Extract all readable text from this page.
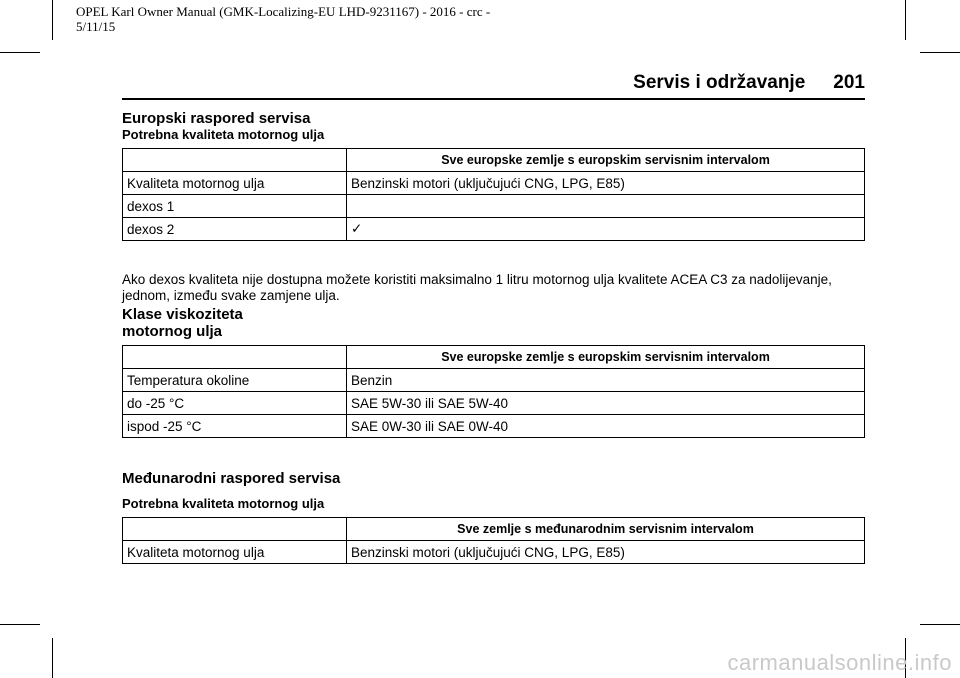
OPEL Karl Owner Manual (GMK-Localizing-EU LHD-9231167) - 2016 - crc -
5/11/15
Servis i održavanje 201
Europski raspored servisa
Potrebna kvaliteta motornog ulja
	Sve europske zemlje s europskim servisnim intervalom
Kvaliteta motornog ulja	Benzinski motori (uključujući CNG, LPG, E85)
dexos 1	
dexos 2	✓
Ako dexos kvaliteta nije dostupna možete koristiti maksimalno 1 litru motornog ulja kvalitete ACEA C3 za nadolijevanje, jednom, između svake zamjene ulja.
Klase viskoziteta
motornog ulja
	Sve europske zemlje s europskim servisnim intervalom
Temperatura okoline	Benzin
do -25 °C	SAE 5W-30 ili SAE 5W-40
ispod -25 °C	SAE 0W-30 ili SAE 0W-40
Međunarodni raspored servisa
Potrebna kvaliteta motornog ulja
	Sve zemlje s međunarodnim servisnim intervalom
Kvaliteta motornog ulja	Benzinski motori (uključujući CNG, LPG, E85)
carmanualsonline.info
